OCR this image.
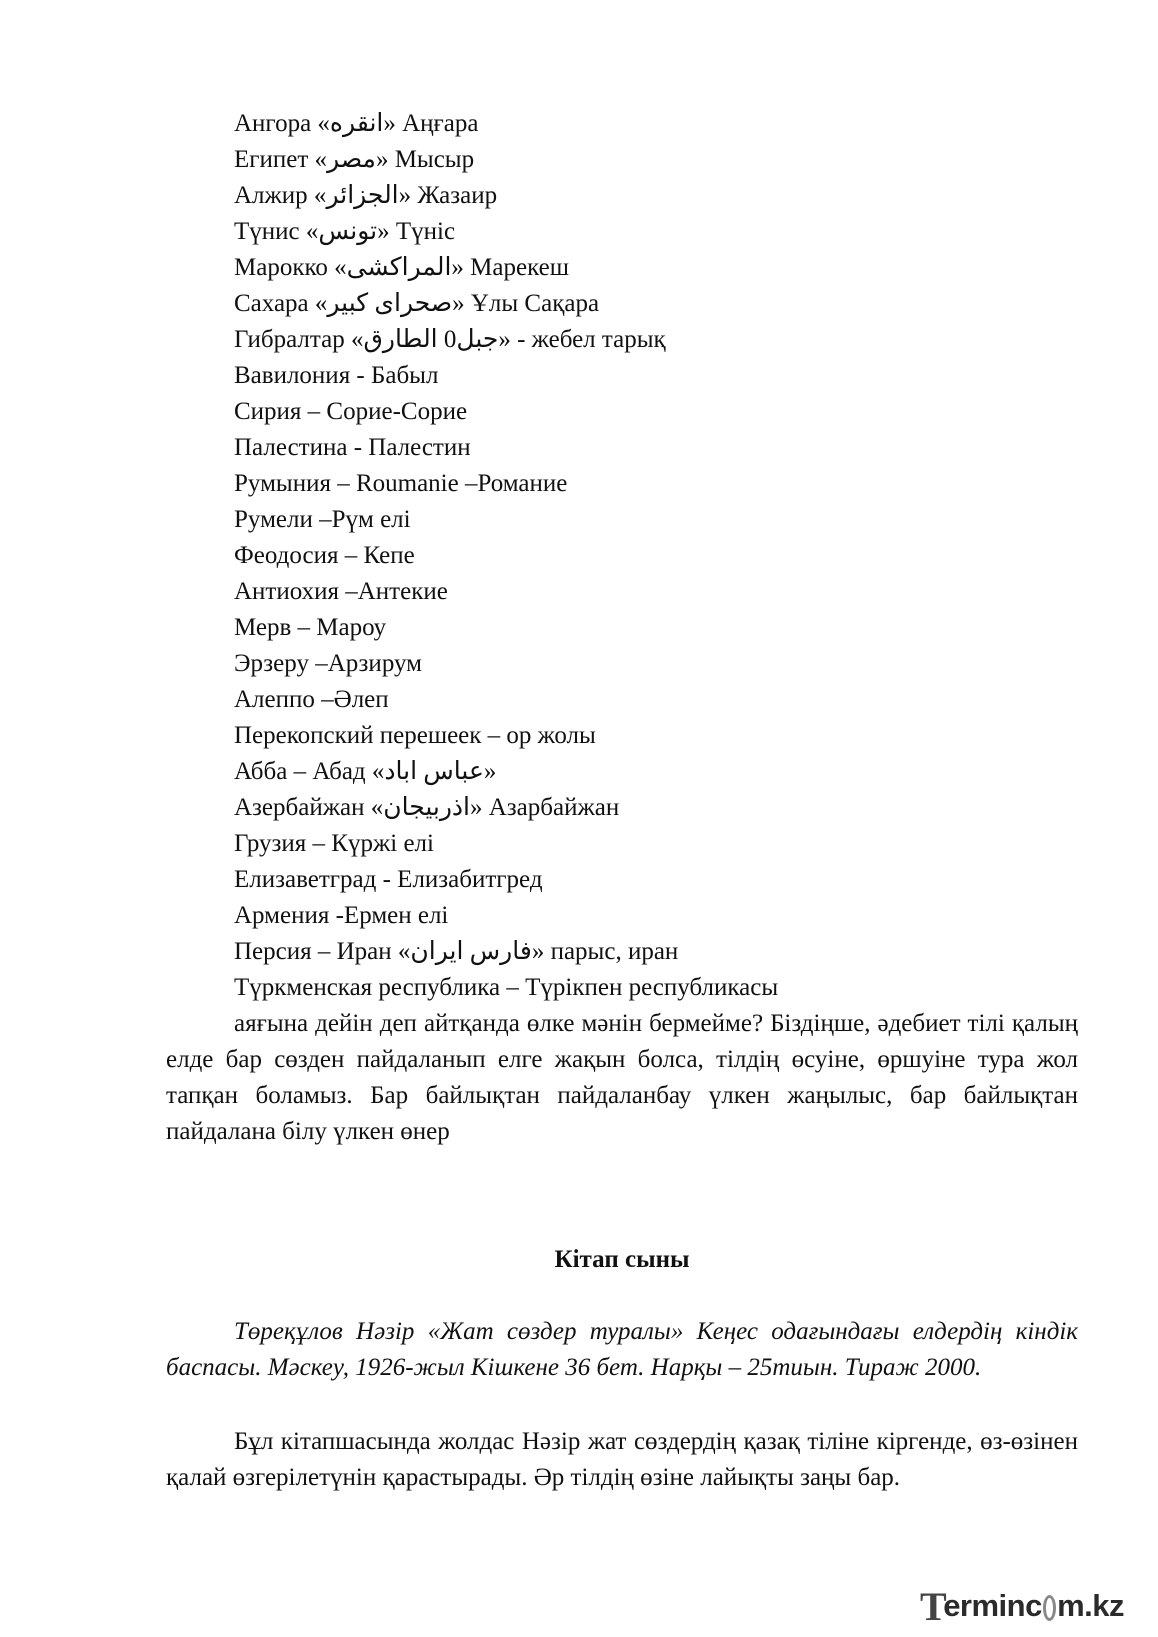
Ангора «انقره» Аңғара
Египет «مصر» Мысыр
Алжир «الجزائر» Жазаир
Түнис «تونس» Түніс
Марокко «المراكشى» Марекеш
Сахара «صحرای کبیر» Ұлы Сақара
Гибралтар «جبل0 الطارق» - жебел тарық
Вавилония - Бабыл
Сирия – Сорие-Сорие
Палестина - Палестин
Румыния – Roumanie –Романие
Румели –Рүм елі
Феодосия – Кепе
Антиохия –Антекие
Мерв – Мароу
Эрзеру –Арзирум
Алеппо –Әлеп
Перекопский перешеек – ор жолы
Абба – Абад «عباس اباد»
Азербайжан «اذربیجان» Азарбайжан
Грузия – Күржі елі
Елизаветград - Елизабитгред
Армения -Ермен елі
Персия – Иран «فارس ایران» парыс, иран
Түркменская республика – Түрікпен республикасы

аяғына дейін деп айтқанда өлке мәнін бермейме? Біздіңше, әдебиет тілі қалың елде бар сөзден пайдаланып елге жақын болса, тілдің өсуіне, өршуіне тура жол тапқан боламыз. Бар байлықтан пайдаланбау үлкен жаңылыс, бар байлықтан пайдалана білу үлкен өнер

Кітап сыны

Төреқұлов Нәзір «Жат сөздер туралы» Кеңес одағындағы елдердің кіндік баспасы. Мәскеу, 1926-жыл Кішкене 36 бет. Нарқы – 25тиын. Тираж 2000.

Бұл кітапшасында жолдас Нәзір жат сөздердің қазақ тіліне кіргенде, өз-өзінен қалай өзгерілетүнін қарастырады. Әр тілдің өзіне лайықты заңы бар.

T
erminc m.kz
